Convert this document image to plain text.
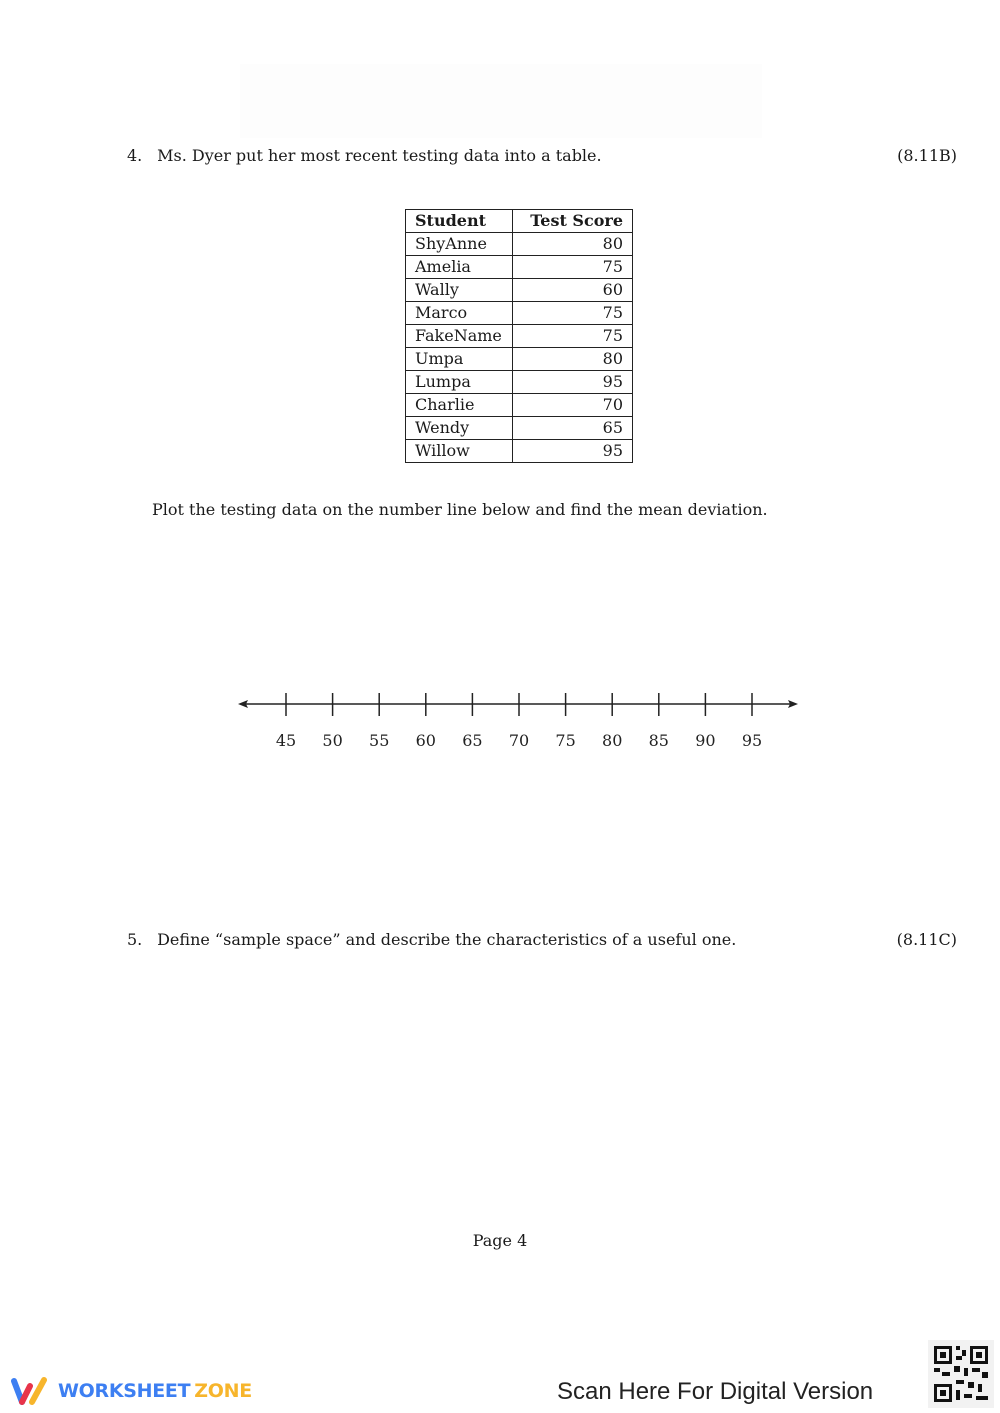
4. Ms. Dyer put her most recent testing data into a table.	(8.11B)
Student	Test Score
ShyAnne	80
Amelia	75
Wally	60
Marco	75
FakeName	75
Umpa	80
Lumpa	95
Charlie	70
Wendy	65
Willow	95
Plot the testing data on the number line below and find the mean deviation.
45 50 55 60 65 70 75 80 85 90 95
5. Define “sample space” and describe the characteristics of a useful one.	(8.11C)
Page 4
WORKSHEET ZONE	Scan Here For Digital Version
